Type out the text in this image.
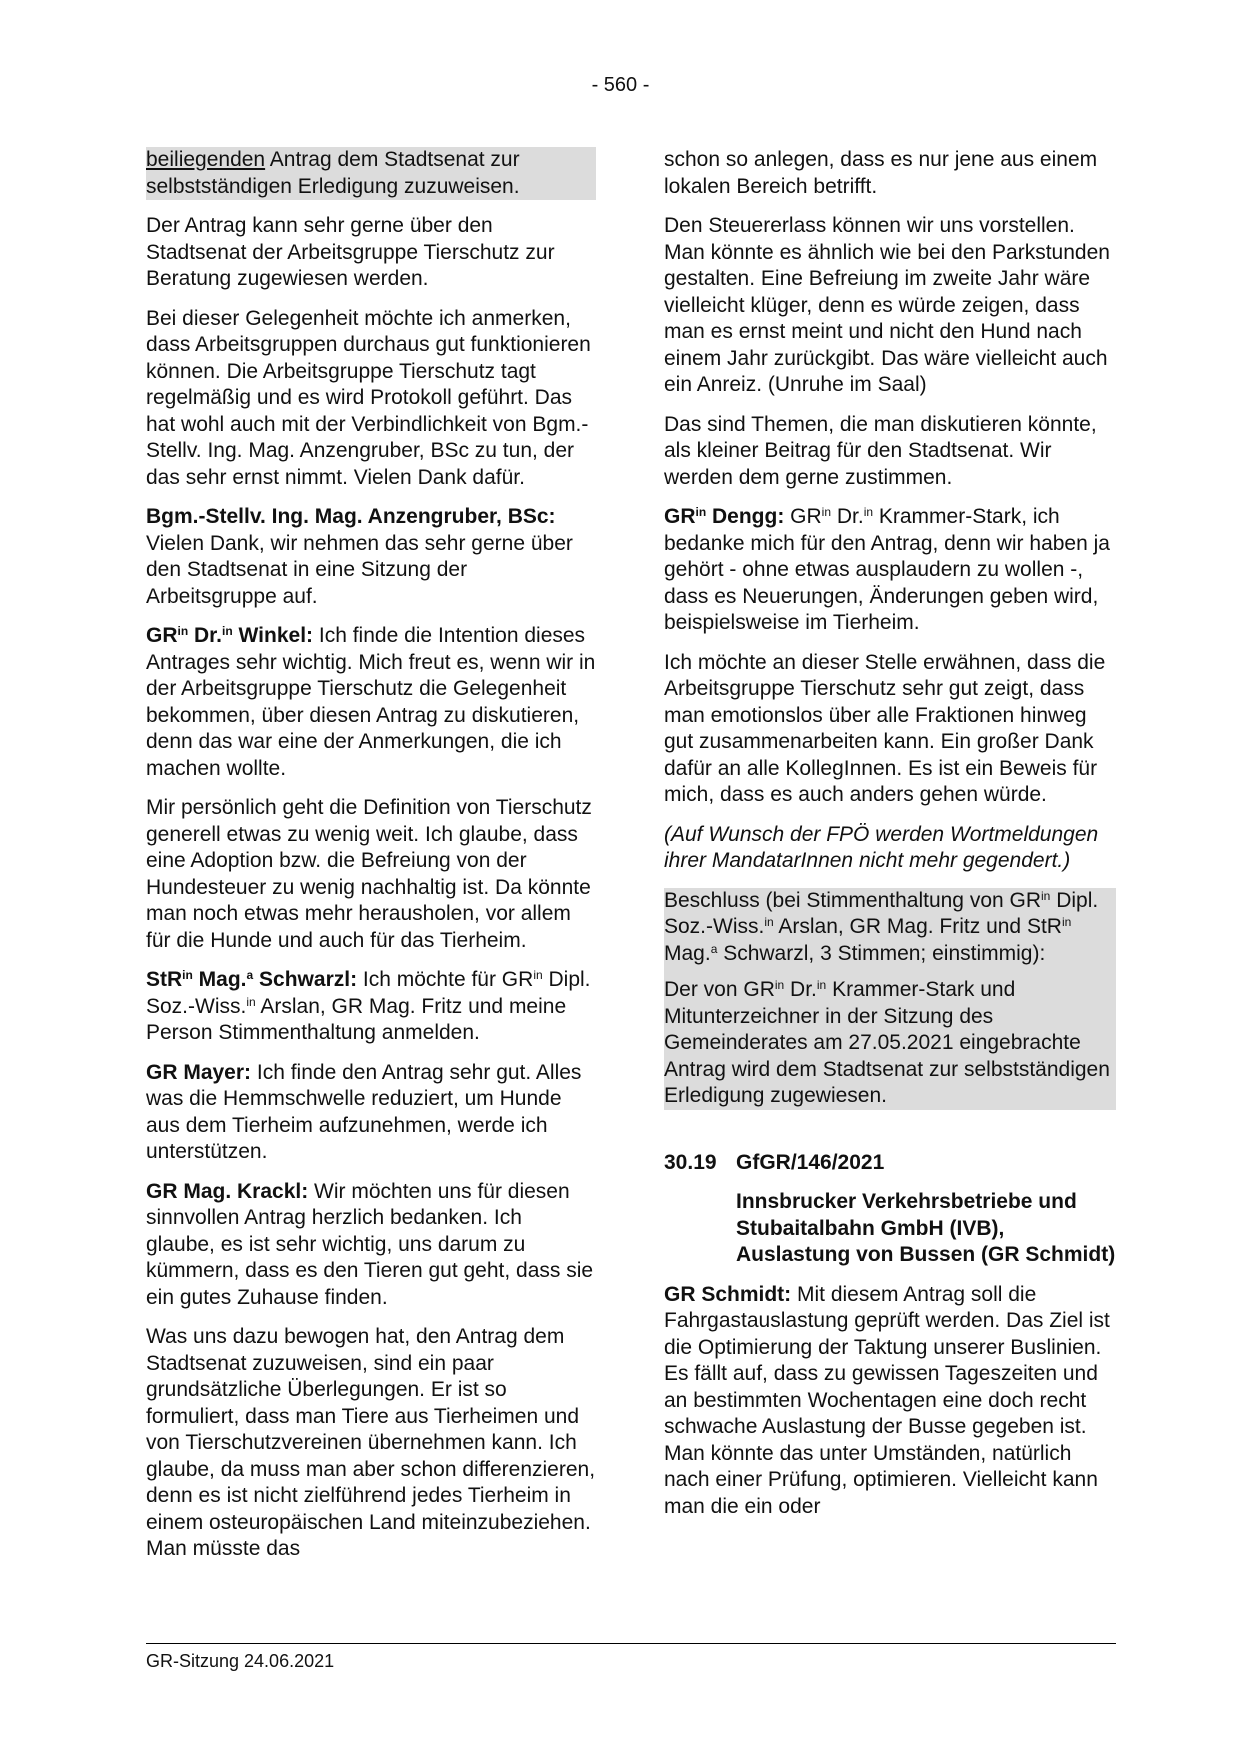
- 560 -

beiliegenden Antrag dem Stadtsenat zur selbstständigen Erledigung zuzuweisen.

Der Antrag kann sehr gerne über den Stadtsenat der Arbeitsgruppe Tierschutz zur Beratung zugewiesen werden.

Bei dieser Gelegenheit möchte ich anmerken, dass Arbeitsgruppen durchaus gut funktionieren können. Die Arbeitsgruppe Tierschutz tagt regelmäßig und es wird Protokoll geführt. Das hat wohl auch mit der Verbindlichkeit von Bgm.-Stellv. Ing. Mag. Anzengruber, BSc zu tun, der das sehr ernst nimmt. Vielen Dank dafür.

Bgm.-Stellv. Ing. Mag. Anzengruber, BSc: Vielen Dank, wir nehmen das sehr gerne über den Stadtsenat in eine Sitzung der Arbeitsgruppe auf.

$GR^{in}$ Dr.$^{in}$ Winkel: Ich finde die Intention dieses Antrages sehr wichtig. Mich freut es, wenn wir in der Arbeitsgruppe Tierschutz die Gelegenheit bekommen, über diesen Antrag zu diskutieren, denn das war eine der Anmerkungen, die ich machen wollte.

Mir persönlich geht die Definition von Tierschutz generell etwas zu wenig weit. Ich glaube, dass eine Adoption bzw. die Befreiung von der Hundesteuer zu wenig nachhaltig ist. Da könnte man noch etwas mehr herausholen, vor allem für die Hunde und auch für das Tierheim.

StR$^{in}$ Mag.$^a$ Schwarzl: Ich möchte für $GR^{in}$ Dipl. Soz.-Wiss.$^{in}$ Arslan, GR Mag. Fritz und meine Person Stimmenthaltung anmelden.

GR Mayer: Ich finde den Antrag sehr gut. Alles was die Hemmschwelle reduziert, um Hunde aus dem Tierheim aufzunehmen, werde ich unterstützen.

GR Mag. Krackl: Wir möchten uns für diesen sinnvollen Antrag herzlich bedanken. Ich glaube, es ist sehr wichtig, uns darum zu kümmern, dass es den Tieren gut geht, dass sie ein gutes Zuhause finden.

Was uns dazu bewogen hat, den Antrag dem Stadtsenat zuzuweisen, sind ein paar grundsätzliche Überlegungen. Er ist so formuliert, dass man Tiere aus Tierheimen und von Tierschutzvereinen übernehmen kann. Ich glaube, da muss man aber schon differenzieren, denn es ist nicht zielführend jedes Tierheim in einem osteuropäischen Land miteinzubeziehen. Man müsste das

schon so anlegen, dass es nur jene aus einem lokalen Bereich betrifft.

Den Steuererlass können wir uns vorstellen. Man könnte es ähnlich wie bei den Parkstunden gestalten. Eine Befreiung im zweite Jahr wäre vielleicht klüger, denn es würde zeigen, dass man es ernst meint und nicht den Hund nach einem Jahr zurückgibt. Das wäre vielleicht auch ein Anreiz. (Unruhe im Saal)

Das sind Themen, die man diskutieren könnte, als kleiner Beitrag für den Stadtsenat. Wir werden dem gerne zustimmen.

$GR^{in}$ Dengg: $GR^{in}$ Dr.$^{in}$ Krammer-Stark, ich bedanke mich für den Antrag, denn wir haben ja gehört - ohne etwas ausplaudern zu wollen -, dass es Neuerungen, Änderungen geben wird, beispielsweise im Tierheim.

Ich möchte an dieser Stelle erwähnen, dass die Arbeitsgruppe Tierschutz sehr gut zeigt, dass man emotionslos über alle Fraktionen hinweg gut zusammenarbeiten kann. Ein großer Dank dafür an alle KollegInnen. Es ist ein Beweis für mich, dass es auch anders gehen würde.

(Auf Wunsch der FPÖ werden Wortmeldungen ihrer MandatarInnen nicht mehr gegendert.)

Beschluss (bei Stimmenthaltung von $GR^{in}$ Dipl. Soz.-Wiss.$^{in}$ Arslan, GR Mag. Fritz und StR$^{in}$ Mag.$^a$ Schwarzl, 3 Stimmen; einstimmig):

Der von $GR^{in}$ Dr.$^{in}$ Krammer-Stark und Mitunterzeichner in der Sitzung des Gemeinderates am 27.05.2021 eingebrachte Antrag wird dem Stadtsenat zur selbstständigen Erledigung zugewiesen.

30.19 GfGR/146/2021

Innsbrucker Verkehrsbetriebe und Stubaitalbahn GmbH (IVB), Auslastung von Bussen (GR Schmidt)

GR Schmidt: Mit diesem Antrag soll die Fahrgastauslastung geprüft werden. Das Ziel ist die Optimierung der Taktung unserer Buslinien. Es fällt auf, dass zu gewissen Tageszeiten und an bestimmten Wochentagen eine doch recht schwache Auslastung der Busse gegeben ist. Man könnte das unter Umständen, natürlich nach einer Prüfung, optimieren. Vielleicht kann man die ein oder

GR-Sitzung 24.06.2021
